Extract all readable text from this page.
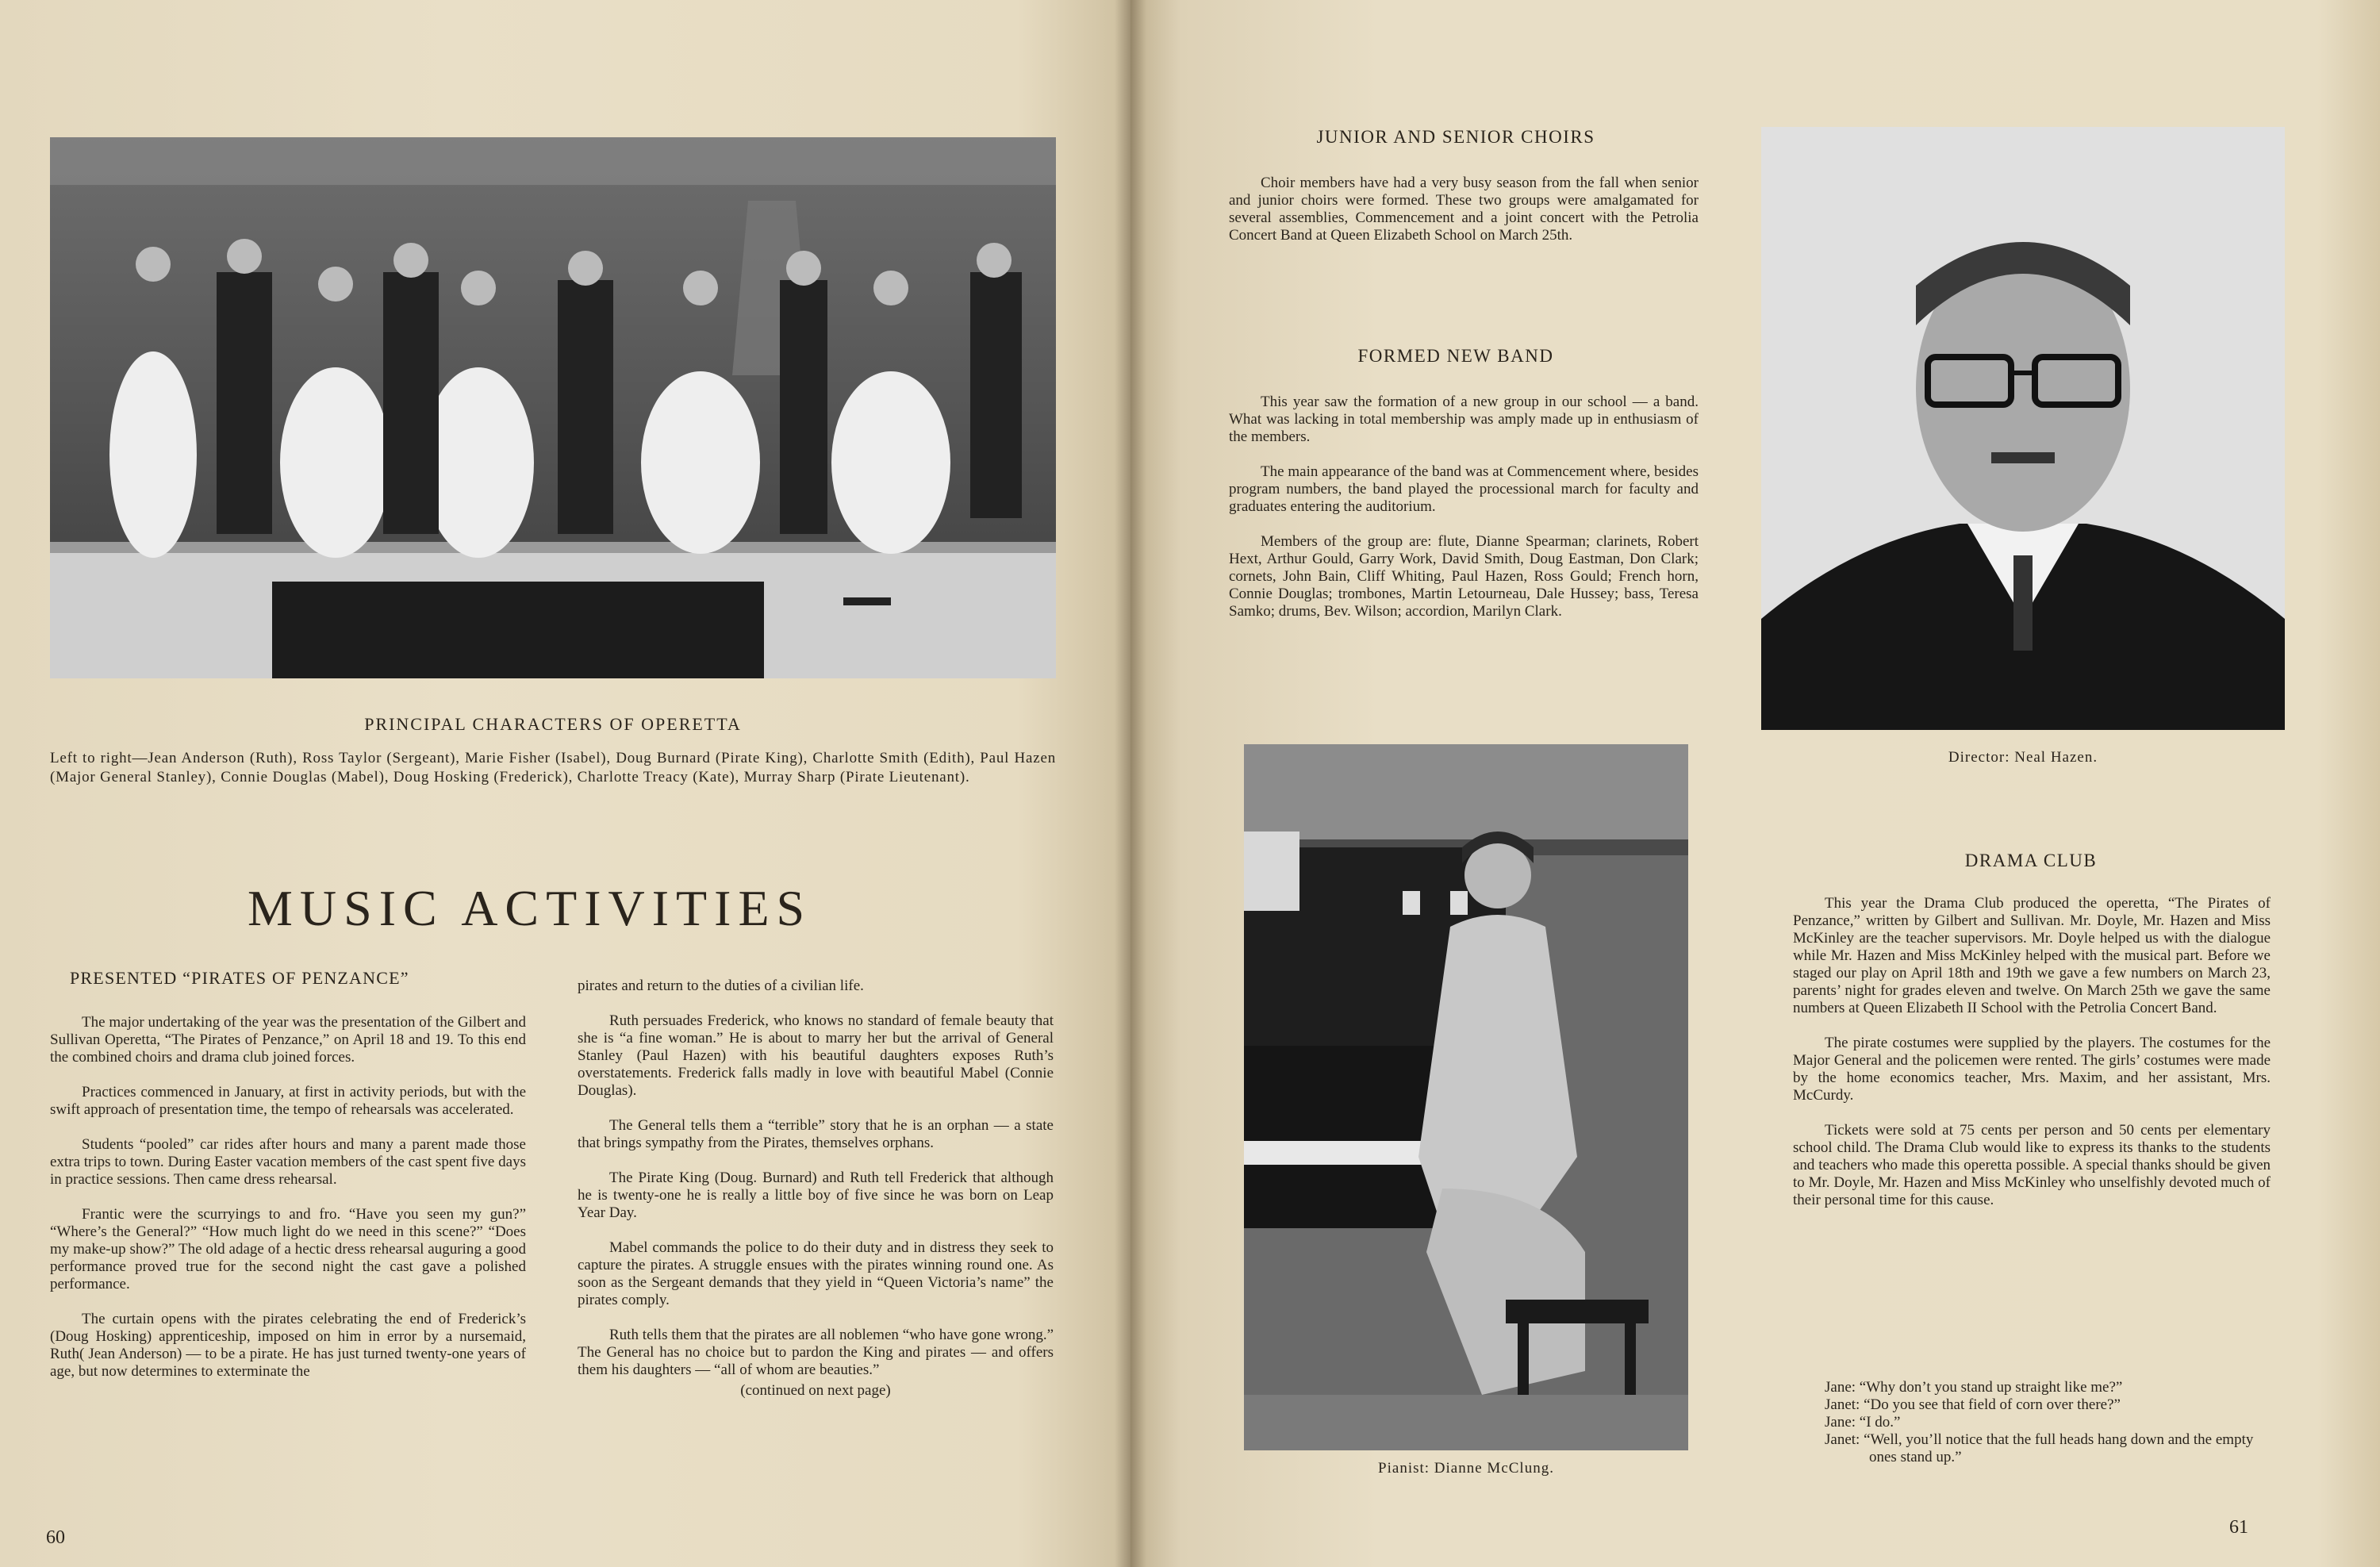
PRINCIPAL CHARACTERS OF OPERETTA
Left to right—Jean Anderson (Ruth), Ross Taylor (Sergeant), Marie Fisher (Isabel), Doug Burnard (Pirate King), Charlotte Smith (Edith), Paul Hazen (Major General Stanley), Connie Douglas (Mabel), Doug Hosking (Frederick), Charlotte Treacy (Kate), Murray Sharp (Pirate Lieutenant).
MUSIC ACTIVITIES
PRESENTED “PIRATES OF PENZANCE”

The major undertaking of the year was the presentation of the Gilbert and Sullivan Operetta, “The Pirates of Penzance,” on April 18 and 19. To this end the combined choirs and drama club joined forces.

Practices commenced in January, at first in activity periods, but with the swift approach of presentation time, the tempo of rehearsals was accelerated.

Students “pooled” car rides after hours and many a parent made those extra trips to town. During Easter vacation members of the cast spent five days in practice sessions. Then came dress rehearsal.

Frantic were the scurryings to and fro. “Have you seen my gun?” “Where’s the General?” “How much light do we need in this scene?” “Does my make-up show?” The old adage of a hectic dress rehearsal auguring a good performance proved true for the second night the cast gave a polished performance.

The curtain opens with the pirates celebrating the end of Frederick’s (Doug Hosking) apprenticeship, imposed on him in error by a nursemaid, Ruth( Jean Anderson) — to be a pirate. He has just turned twenty-one years of age, but now determines to exterminate the

pirates and return to the duties of a civilian life.

Ruth persuades Frederick, who knows no standard of female beauty that she is “a fine woman.” He is about to marry her but the arrival of General Stanley (Paul Hazen) with his beautiful daughters exposes Ruth’s overstatements. Frederick falls madly in love with beautiful Mabel (Connie Douglas).

The General tells them a “terrible” story that he is an orphan — a state that brings sympathy from the Pirates, themselves orphans.

The Pirate King (Doug. Burnard) and Ruth tell Frederick that although he is twenty-one he is really a little boy of five since he was born on Leap Year Day.

Mabel commands the police to do their duty and in distress they seek to capture the pirates. A struggle ensues with the pirates winning round one. As soon as the Sergeant demands that they yield in “Queen Victoria’s name” the pirates comply.

Ruth tells them that the pirates are all noblemen “who have gone wrong.” The General has no choice but to pardon the King and pirates — and offers them his daughters — “all of whom are beauties.”

(continued on next page)

60
JUNIOR AND SENIOR CHOIRS

Choir members have had a very busy season from the fall when senior and junior choirs were formed. These two groups were amalgamated for several assemblies, Commencement and a joint concert with the Petrolia Concert Band at Queen Elizabeth School on March 25th.

FORMED NEW BAND

This year saw the formation of a new group in our school — a band. What was lacking in total membership was amply made up in enthusiasm of the members.

The main appearance of the band was at Commencement where, besides program numbers, the band played the processional march for faculty and graduates entering the auditorium.

Members of the group are: flute, Dianne Spearman; clarinets, Robert Hext, Arthur Gould, Garry Work, David Smith, Doug Eastman, Don Clark; cornets, John Bain, Cliff Whiting, Paul Hazen, Ross Gould; French horn, Connie Douglas; trombones, Martin Letourneau, Dale Hussey; bass, Teresa Samko; drums, Bev. Wilson; accordion, Marilyn Clark.

Director: Neal Hazen.
Pianist: Dianne McClung.
DRAMA CLUB

This year the Drama Club produced the operetta, “The Pirates of Penzance,” written by Gilbert and Sullivan. Mr. Doyle, Mr. Hazen and Miss McKinley are the teacher supervisors. Mr. Doyle helped us with the dialogue while Mr. Hazen and Miss McKinley helped with the musical part. Before we staged our play on April 18th and 19th we gave a few numbers on March 23, parents’ night for grades eleven and twelve. On March 25th we gave the same numbers at Queen Elizabeth II School with the Petrolia Concert Band.

The pirate costumes were supplied by the players. The costumes for the Major General and the policemen were rented. The girls’ costumes were made by the home economics teacher, Mrs. Maxim, and her assistant, Mrs. McCurdy.

Tickets were sold at 75 cents per person and 50 cents per elementary school child. The Drama Club would like to express its thanks to the students and teachers who made this operetta possible. A special thanks should be given to Mr. Doyle, Mr. Hazen and Miss McKinley who unselfishly devoted much of their personal time for this cause.

Jane: “Why don’t you stand up straight like me?”
Janet: “Do you see that field of corn over there?”
Jane: “I do.”
Janet: “Well, you’ll notice that the full heads hang down and the empty ones stand up.”
61
